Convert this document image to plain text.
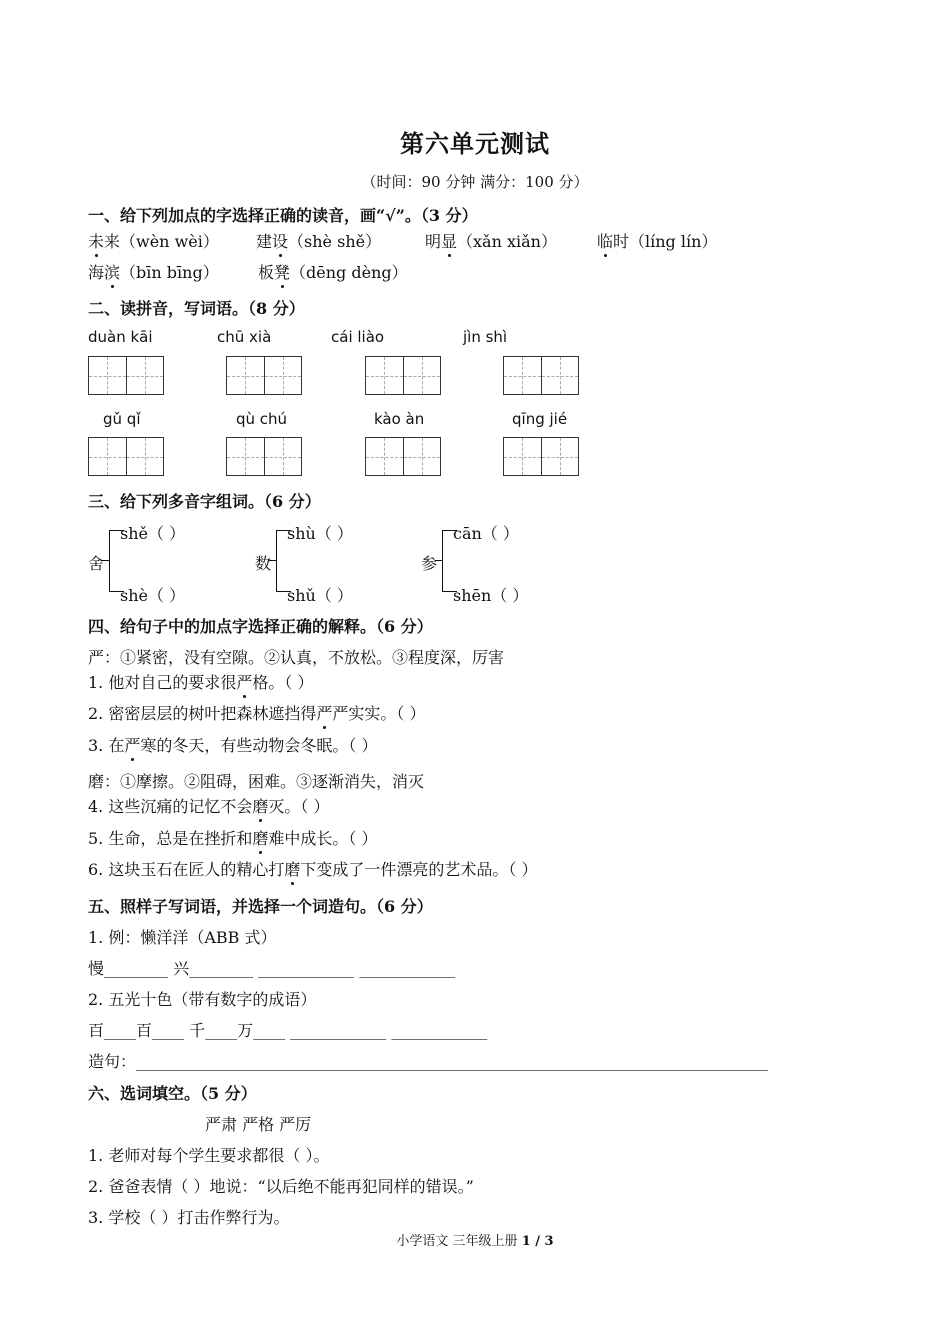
第六单元测试
（时间：90 分钟 满分：100 分）
一、给下列加点的字选择正确的读音，画“√”。（3 分）
未来（wèn wèi） 建设（shè shě）	明显（xǎn xiǎn）	临时（líng lín）
海滨（bīn bīng） 板凳（dēng dèng）
二、读拼音，写词语。（8 分）
duàn kāi	chū xià	cái liào	jìn shì
gǔ qǐ	qù chú	kào àn	qīng jié
三、给下列多音字组词。（6 分）
舍
shě（ ）
shè（ ）
数
shù（ ）
shǔ（ ）
参
cān（ ）
shēn（ ）
四、给句子中的加点字选择正确的解释。（6 分）
严：①紧密，没有空隙。②认真，不放松。③程度深，厉害
1. 他对自己的要求很严格。（ ）
2. 密密层层的树叶把森林遮挡得严严实实。（ ）
3. 在严寒的冬天，有些动物会冬眠。（ ）
磨：①摩擦。②阻碍，困难。③逐渐消失，消灭
4. 这些沉痛的记忆不会磨灭。（ ）
5. 生命，总是在挫折和磨难中成长。（ ）
6. 这块玉石在匠人的精心打磨下变成了一件漂亮的艺术品。（ ）
五、照样子写词语，并选择一个词造句。（6 分）
1. 例：懒洋洋（ABB 式）
慢________ 兴________ ____________ ____________
2. 五光十色（带有数字的成语）
百____百____ 千____万____ ____________ ____________
造句：_______________________________________________________________________________
六、选词填空。（5 分）
严肃 严格 严厉
1. 老师对每个学生要求都很（ ）。
2. 爸爸表情（ ）地说：“以后绝不能再犯同样的错误。”
3. 学校（ ）打击作弊行为。
小学语文 三年级上册 1 / 3
